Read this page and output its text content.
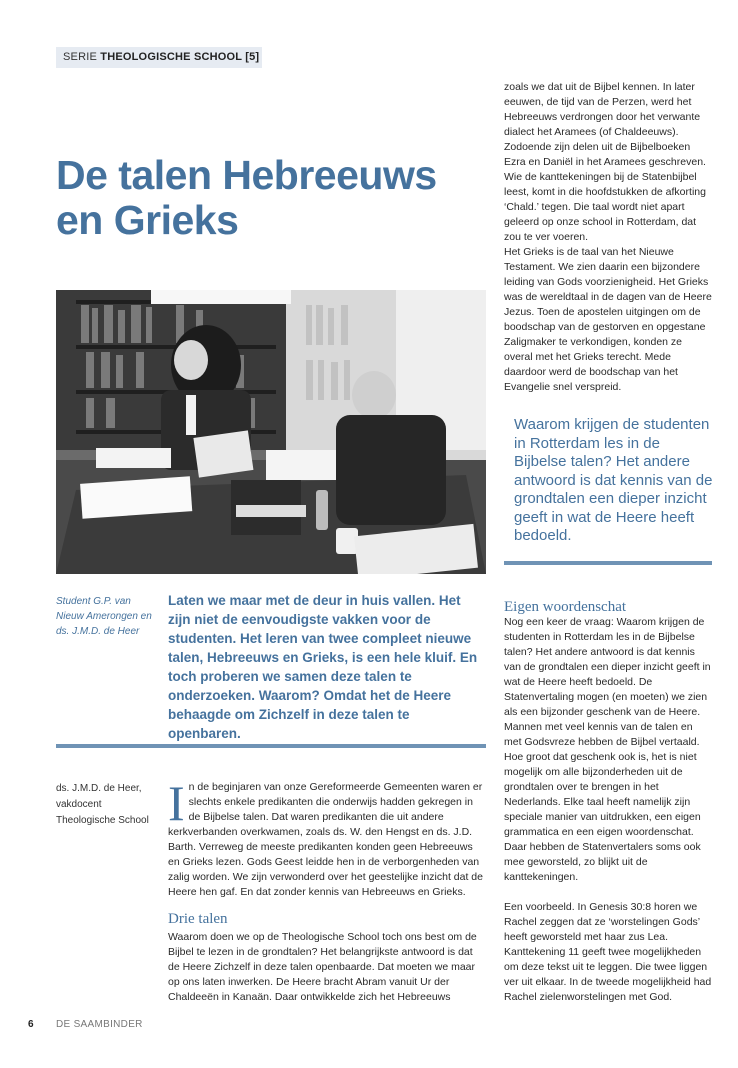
SERIE THEOLOGISCHE SCHOOL [5]
De talen Hebreeuws en Grieks
Student G.P. van Nieuw Amerongen en ds. J.M.D. de Heer
Laten we maar met de deur in huis vallen. Het zijn niet de eenvoudigste vakken voor de studenten. Het leren van twee compleet nieuwe talen, Hebreeuws en Grieks, is een hele kluif. En toch proberen we samen deze talen te onderzoeken. Waarom? Omdat het de Heere behaagde om Zichzelf in deze talen te openbaren.
ds. J.M.D. de Heer, vakdocent Theologische School I n de beginjaren van onze Gereformeerde Gemeenten waren er slechts enkele predikanten die onderwijs hadden gekregen in de Bijbelse talen. Dat waren predikanten die uit andere kerkverbanden overkwamen, zoals ds. W. den Hengst en ds. J.D. Barth. Verreweg de meeste predikanten konden geen Hebreeuws en Grieks lezen. Gods Geest leidde hen in de verborgenheden van zalig worden. We zijn verwonderd over het geestelijke inzicht dat de Heere hen gaf. En dat zonder kennis van Hebreeuws en Grieks.
Drie talen
Waarom doen we op de Theologische School toch ons best om de Bijbel te lezen in de grondtalen? Het belangrijkste antwoord is dat de Heere Zichzelf in deze talen openbaarde. Dat moeten we maar op ons laten inwerken. De Heere bracht Abram vanuit Ur der Chaldeeën in Kanaän. Daar ontwikkelde zich het Hebreeuws

zoals we dat uit de Bijbel kennen. In later eeuwen, de tijd van de Perzen, werd het Hebreeuws verdrongen door het verwante dialect het Aramees (of Chaldeeuws). Zodoende zijn delen uit de Bijbelboeken Ezra en Daniël in het Aramees geschreven. Wie de kanttekeningen bij de Statenbijbel leest, komt in die hoofdstukken de afkorting ‘Chald.’ tegen. Die taal wordt niet apart geleerd op onze school in Rotterdam, dat zou te ver voeren.

Het Grieks is de taal van het Nieuwe Testament. We zien daarin een bijzondere leiding van Gods voorzienigheid. Het Grieks was de wereldtaal in de dagen van de Heere Jezus. Toen de apostelen uitgingen om de boodschap van de gestorven en opgestane Zaligmaker te verkondigen, konden ze overal met het Grieks terecht. Mede daardoor werd de boodschap van het Evangelie snel verspreid.

Waarom krijgen de studenten in Rotterdam les in de Bijbelse talen? Het andere antwoord is dat kennis van de grondtalen een dieper inzicht geeft in wat de Heere heeft bedoeld.
Eigen woordenschat
Nog een keer de vraag: Waarom krijgen de studenten in Rotterdam les in de Bijbelse talen? Het andere antwoord is dat kennis van de grondtalen een dieper inzicht geeft in wat de Heere heeft bedoeld. De Statenvertaling mogen (en moeten) we zien als een bijzonder geschenk van de Heere. Mannen met veel kennis van de talen en met Godsvreze hebben de Bijbel vertaald. Hoe groot dat geschenk ook is, het is niet mogelijk om alle bijzonderheden uit de grondtalen over te brengen in het Nederlands. Elke taal heeft namelijk zijn speciale manier van uitdrukken, een eigen grammatica en een eigen woordenschat. Daar hebben de Statenvertalers soms ook mee geworsteld, zo blijkt uit de kanttekeningen.
Een voorbeeld. In Genesis 30:8 horen we Rachel zeggen dat ze ‘worstelingen Gods’ heeft geworsteld met haar zus Lea. Kanttekening 11 geeft twee mogelijkheden om deze tekst uit te leggen. Die twee liggen ver uit elkaar. In de tweede mogelijkheid had Rachel zielenworstelingen met God.
6 DE SAAMBINDER
